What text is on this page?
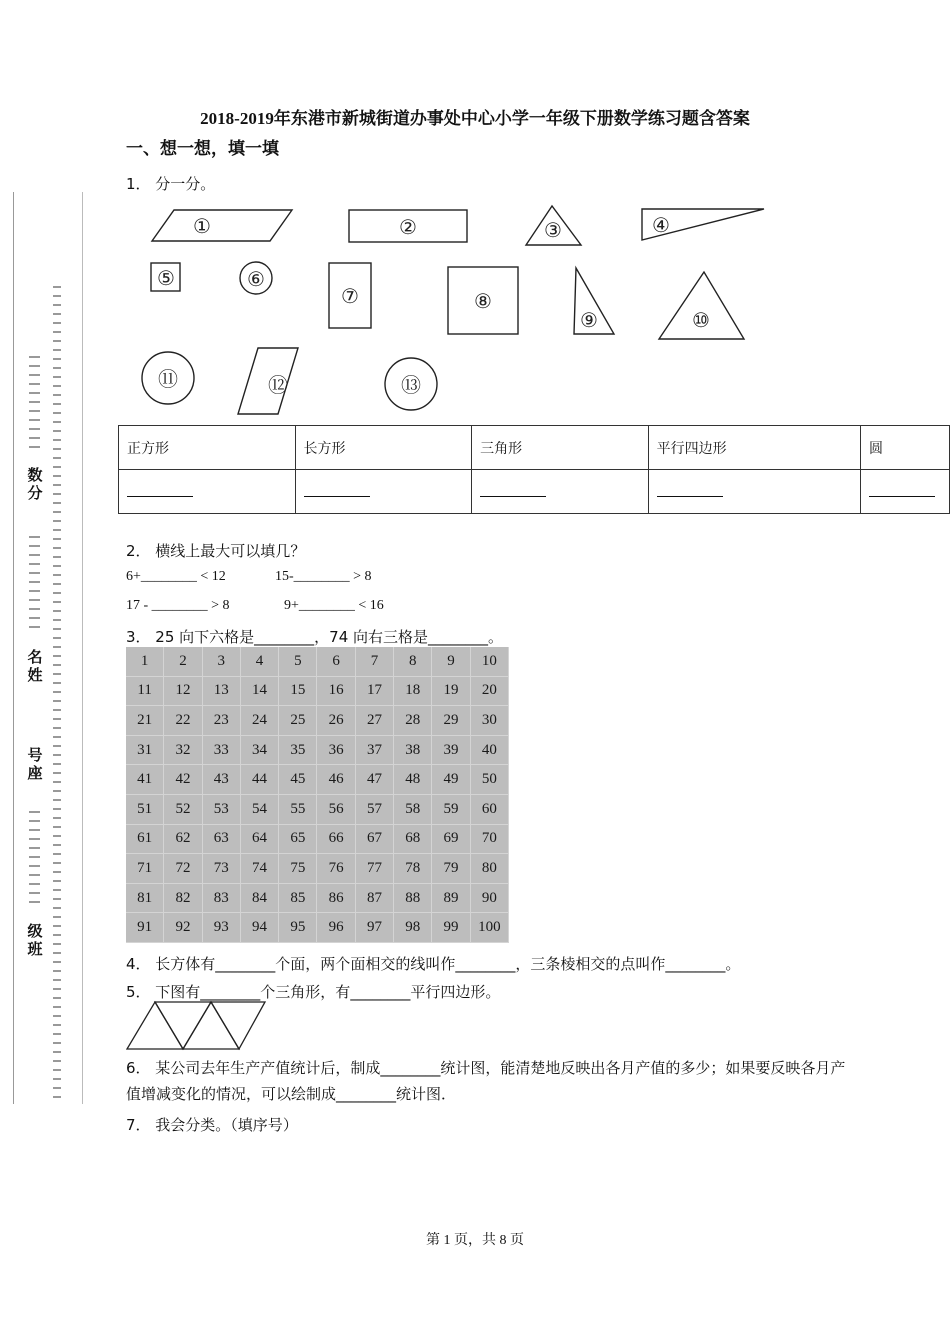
数分
名姓
号座
级班
2018-2019年东港市新城街道办事处中心小学一年级下册数学练习题含答案
一、想一想，填一填
1． 分一分。
①	②	③	④
⑤	⑥
⑦	⑧
⑨	⑩
⑪	⑫	⑬
正方形	长方形	三角形	平行四边形	圆

2． 横线上最大可以填几？
6+________ < 12	15-________ > 8
17 - ________ > 8	9+________ < 16
3． 25 向下六格是________，74 向右三格是________。
1	2	3	4	5	6	7	8	9	10
11	12	13	14	15	16	17	18	19	20
21	22	23	24	25	26	27	28	29	30
31	32	33	34	35	36	37	38	39	40
41	42	43	44	45	46	47	48	49	50
51	52	53	54	55	56	57	58	59	60
61	62	63	64	65	66	67	68	69	70
71	72	73	74	75	76	77	78	79	80
81	82	83	84	85	86	87	88	89	90
91	92	93	94	95	96	97	98	99	100
4． 长方体有________个面，两个面相交的线叫作________，三条棱相交的点叫作________。
5． 下图有________个三角形，有________平行四边形。
6． 某公司去年生产产值统计后，制成________统计图，能清楚地反映出各月产值的多少；如果要反映各月产
值增减变化的情况，可以绘制成________统计图．
7． 我会分类。（填序号）
第 1 页，共 8 页
